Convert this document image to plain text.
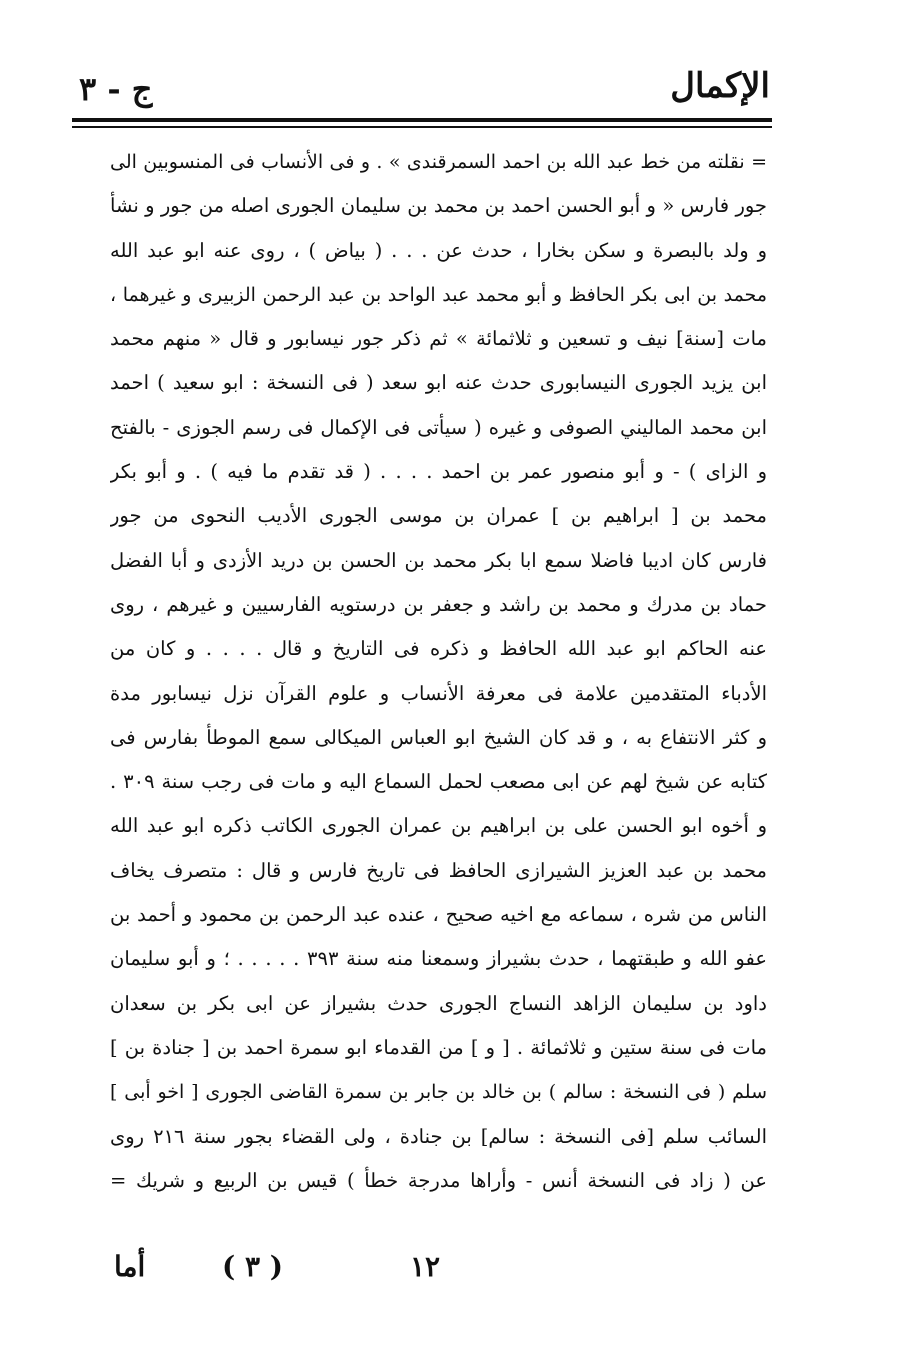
الإكمال
ج - ٣
= نقلته من خط عبد الله بن احمد السمرقندى » . و فى الأنساب فى المنسوبين الى
جور فارس « و أبو الحسن احمد بن محمد بن سليمان الجورى اصله من جور و نشأ
و ولد بالبصرة و سكن بخارا ، حدث عن . . . ( بياض ) ، روى عنه ابو عبد الله
محمد بن ابى بكر الحافظ و أبو محمد عبد الواحد بن عبد الرحمن الزبيرى و غيرهما ،
مات [سنة] نيف و تسعين و ثلاثمائة » ثم ذكر جور نيسابور و قال « منهم محمد
ابن يزيد الجورى النيسابورى حدث عنه ابو سعد ( فى النسخة : ابو سعيد ) احمد
ابن محمد الماليني الصوفى و غيره ( سيأتى فى الإكمال فى رسم الجوزى - بالفتح
و الزاى ) - و أبو منصور عمر بن احمد . . . . ( قد تقدم ما فيه ) . و أبو بكر
محمد بن [ ابراهيم بن ] عمران بن موسى الجورى الأديب النحوى من جور
فارس كان اديبا فاضلا سمع ابا بكر محمد بن الحسن بن دريد الأزدى و أبا الفضل
حماد بن مدرك و محمد بن راشد و جعفر بن درستويه الفارسيين و غيرهم ، روى
عنه الحاكم ابو عبد الله الحافظ و ذكره فى التاريخ و قال . . . . و كان من
الأدباء المتقدمين علامة فى معرفة الأنساب و علوم القرآن نزل نيسابور مدة
و كثر الانتفاع به ، و قد كان الشيخ ابو العباس الميكالى سمع الموطأ بفارس فى
كتابه عن شيخ لهم عن ابى مصعب لحمل السماع اليه و مات فى رجب سنة ٣٠٩ .
و أخوه ابو الحسن على بن ابراهيم بن عمران الجورى الكاتب ذكره ابو عبد الله
محمد بن عبد العزيز الشيرازى الحافظ فى تاريخ فارس و قال : متصرف يخاف
الناس من شره ، سماعه مع اخيه صحيح ، عنده عبد الرحمن بن محمود و أحمد بن
عفو الله و طبقتهما ، حدث بشيراز وسمعنا منه سنة ٣٩٣ . . . . . ؛ و أبو سليمان
داود بن سليمان الزاهد النساج الجورى حدث بشيراز عن ابى بكر بن سعدان
مات فى سنة ستين و ثلاثمائة . [ و ] من القدماء ابو سمرة احمد بن [ جنادة بن ]
سلم ( فى النسخة : سالم ) بن خالد بن جابر بن سمرة القاضى الجورى [ اخو أبى ]
السائب سلم [فى النسخة : سالم] بن جنادة ، ولى القضاء بجور سنة ٢١٦ روى
عن ( زاد فى النسخة أنس - وأراها مدرجة خطأ ) قيس بن الربيع و شريك =
١٢
( ٣ )
أما
